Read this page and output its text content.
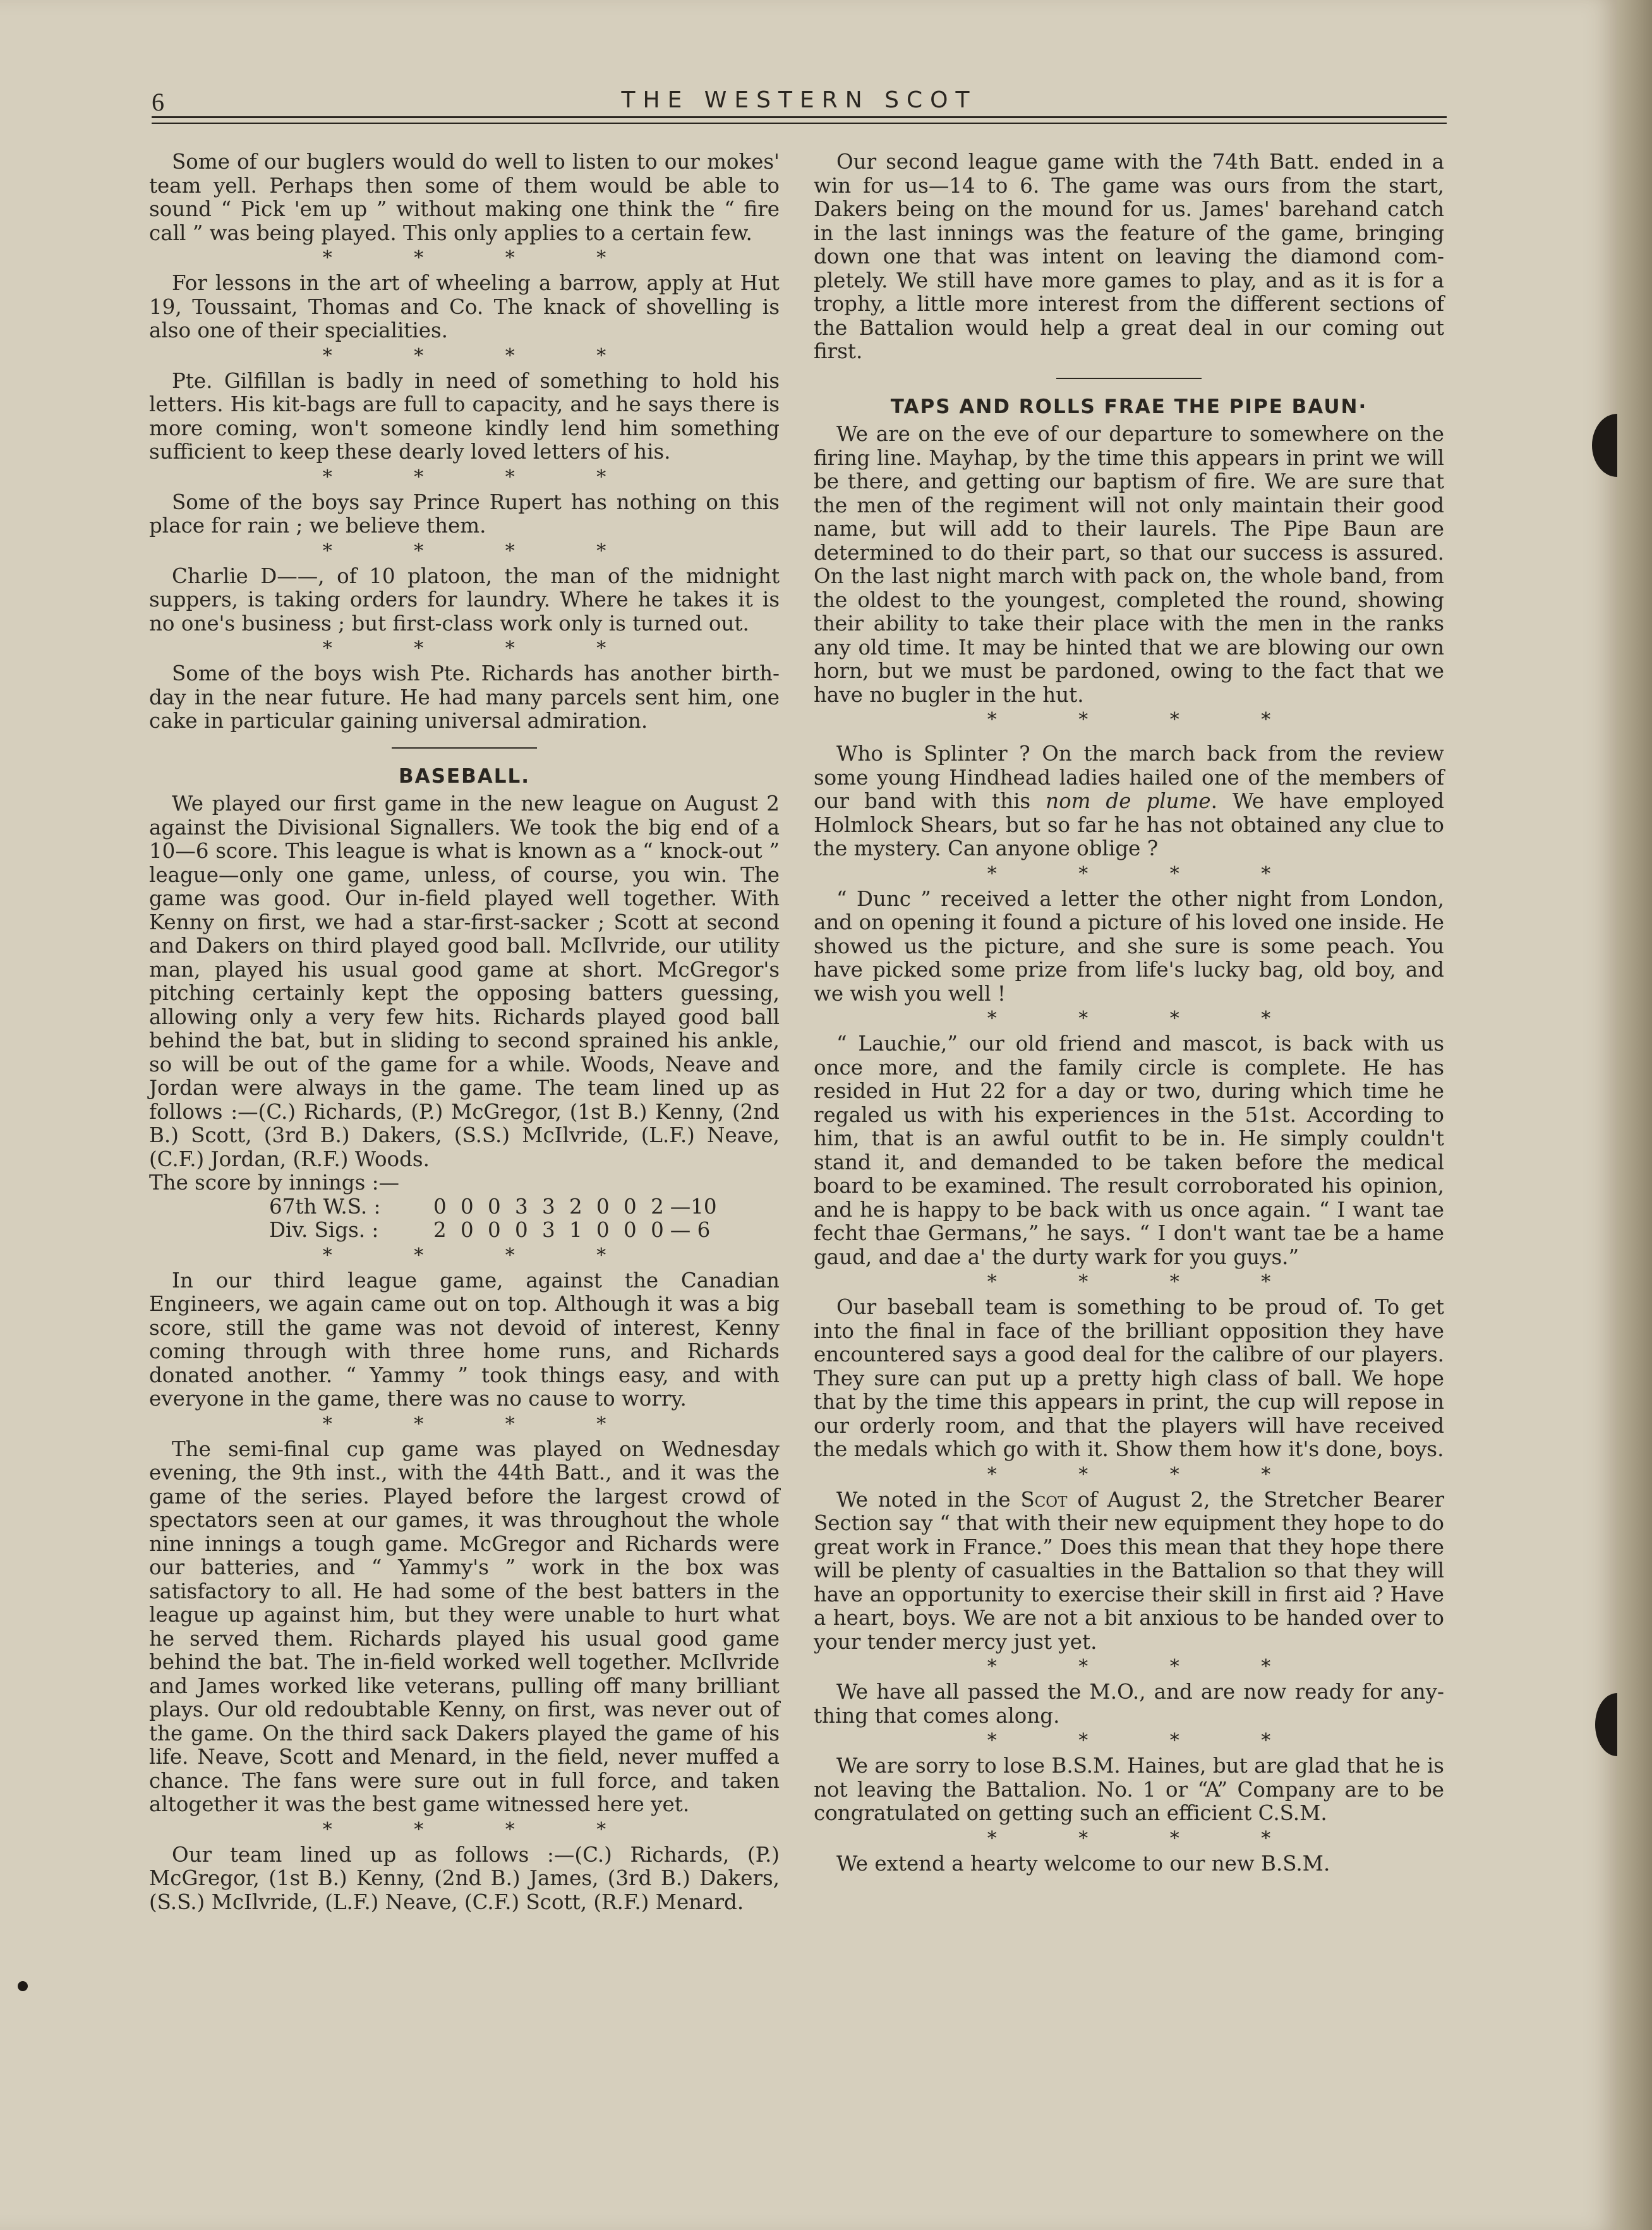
6	THE WESTERN SCOT

Some of our buglers would do well to listen to our mokes' team yell. Perhaps then some of them would be able to sound “ Pick 'em up ” without making one think the “ fire call ” was being played. This only applies to a certain few.

* * * *

For lessons in the art of wheeling a barrow, apply at Hut 19, Toussaint, Thomas and Co. The knack of shovelling is also one of their specialities.

* * * *

Pte. Gilfillan is badly in need of something to hold his letters. His kit-bags are full to capacity, and he says there is more coming, won't someone kindly lend him something sufficient to keep these dearly loved letters of his.

* * * *

Some of the boys say Prince Rupert has nothing on this place for rain ; we believe them.

* * * *

Charlie D——, of 10 platoon, the man of the midnight suppers, is taking orders for laundry. Where he takes it is no one's business ; but first-class work only is turned out.

* * * *

Some of the boys wish Pte. Richards has another birth-day in the near future. He had many parcels sent him, one cake in particular gaining universal admiration.

BASEBALL.

We played our first game in the new league on August 2 against the Divisional Signallers. We took the big end of a 10—6 score. This league is what is known as a “ knock-out ” league—only one game, unless, of course, you win. The game was good. Our in-field played well together. With Kenny on first, we had a star-first-sacker ; Scott at second and Dakers on third played good ball. McIlvride, our utility man, played his usual good game at short. McGregor's pitching certainly kept the opposing batters guessing, allowing only a very few hits. Richards played good ball behind the bat, but in sliding to second sprained his ankle, so will be out of the game for a while. Woods, Neave and Jordan were always in the game. The team lined up as follows :—(C.) Richards, (P.) McGregor, (1st B.) Kenny, (2nd B.) Scott, (3rd B.) Dakers, (S.S.) McIlvride, (L.F.) Neave, (C.F.) Jordan, (R.F.) Woods.

The score by innings :—

67th W.S. :	0 0 0 3 3 2 0 0 2 —10
Div. Sigs. :	2 0 0 0 3 1 0 0 0 — 6
* * * *

In our third league game, against the Canadian Engineers, we again came out on top. Although it was a big score, still the game was not devoid of interest, Kenny coming through with three home runs, and Richards donated another. “ Yammy ” took things easy, and with everyone in the game, there was no cause to worry.

* * * *

The semi-final cup game was played on Wednesday evening, the 9th inst., with the 44th Batt., and it was the game of the series. Played before the largest crowd of spectators seen at our games, it was throughout the whole nine innings a tough game. McGregor and Richards were our batteries, and “ Yammy's ” work in the box was satisfactory to all. He had some of the best batters in the league up against him, but they were unable to hurt what he served them. Richards played his usual good game behind the bat. The in-field worked well together. McIlvride and James worked like veterans, pulling off many brilliant plays. Our old redoubtable Kenny, on first, was never out of the game. On the third sack Dakers played the game of his life. Neave, Scott and Menard, in the field, never muffed a chance. The fans were sure out in full force, and taken altogether it was the best game witnessed here yet.

* * * *

Our team lined up as follows :—(C.) Richards, (P.) McGregor, (1st B.) Kenny, (2nd B.) James, (3rd B.) Dakers, (S.S.) McIlvride, (L.F.) Neave, (C.F.) Scott, (R.F.) Menard.

Our second league game with the 74th Batt. ended in a win for us—14 to 6. The game was ours from the start, Dakers being on the mound for us. James' barehand catch in the last innings was the feature of the game, bringing down one that was intent on leaving the diamond com-pletely. We still have more games to play, and as it is for a trophy, a little more interest from the different sections of the Battalion would help a great deal in our coming out first.

TAPS AND ROLLS FRAE THE PIPE BAUN·

We are on the eve of our departure to somewhere on the firing line. Mayhap, by the time this appears in print we will be there, and getting our baptism of fire. We are sure that the men of the regiment will not only maintain their good name, but will add to their laurels. The Pipe Baun are determined to do their part, so that our success is assured. On the last night march with pack on, the whole band, from the oldest to the youngest, completed the round, showing their ability to take their place with the men in the ranks any old time. It may be hinted that we are blowing our own horn, but we must be pardoned, owing to the fact that we have no bugler in the hut.

* * * *

Who is Splinter ? On the march back from the review some young Hindhead ladies hailed one of the members of our band with this nom de plume. We have employed Holmlock Shears, but so far he has not obtained any clue to the mystery. Can anyone oblige ?

* * * *

“ Dunc ” received a letter the other night from London, and on opening it found a picture of his loved one inside. He showed us the picture, and she sure is some peach. You have picked some prize from life's lucky bag, old boy, and we wish you well !

* * * *

“ Lauchie,” our old friend and mascot, is back with us once more, and the family circle is complete. He has resided in Hut 22 for a day or two, during which time he regaled us with his experiences in the 51st. According to him, that is an awful outfit to be in. He simply couldn't stand it, and demanded to be taken before the medical board to be examined. The result corroborated his opinion, and he is happy to be back with us once again. “ I want tae fecht thae Germans,” he says. “ I don't want tae be a hame gaud, and dae a' the durty wark for you guys.”

* * * *

Our baseball team is something to be proud of. To get into the final in face of the brilliant opposition they have encountered says a good deal for the calibre of our players. They sure can put up a pretty high class of ball. We hope that by the time this appears in print, the cup will repose in our orderly room, and that the players will have received the medals which go with it. Show them how it's done, boys.

* * * *

We noted in the Scot of August 2, the Stretcher Bearer Section say “ that with their new equipment they hope to do great work in France.” Does this mean that they hope there will be plenty of casualties in the Battalion so that they will have an opportunity to exercise their skill in first aid ? Have a heart, boys. We are not a bit anxious to be handed over to your tender mercy just yet.

* * * *

We have all passed the M.O., and are now ready for any-thing that comes along.

* * * *

We are sorry to lose B.S.M. Haines, but are glad that he is not leaving the Battalion. No. 1 or “A” Company are to be congratulated on getting such an efficient C.S.M.

* * * *

We extend a hearty welcome to our new B.S.M.
